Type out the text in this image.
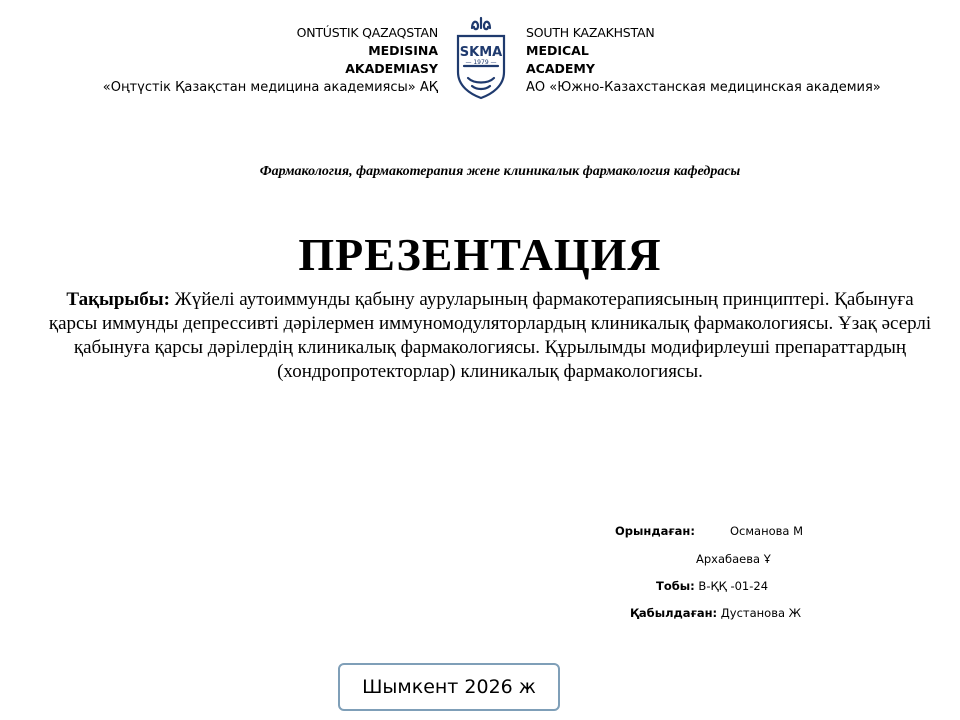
ONTÚSTIK QAZAQSTAN
MEDISINA
AKADEMIASY
«Оңтүстік Қазақстан медицина академиясы» АҚ
SKMA
— 1979 —
SOUTH KAZAKHSTAN
MEDICAL
ACADEMY
АО «Южно-Казахстанская медицинская академия»
Фармакология, фармакотерапия жене клиникалык фармакология кафедрасы
ПРЕЗЕНТАЦИЯ
Тақырыбы: Жүйелі аутоиммунды қабыну ауруларының фармакотерапиясының принциптері. Қабынуға қарсы иммунды депрессивті дәрілермен иммуномодуляторлардың клиникалық фармакологиясы. Ұзақ әсерлі қабынуға қарсы дәрілердің клиникалық фармакологиясы. Құрылымды модифирлеуші препараттардың (хондропротекторлар) клиникалық фармакологиясы.
Орындаған:	Османова М
Архабаева Ұ
Тобы: В-ҚҚ -01-24
Қабылдаған: Дустанова Ж
Шымкент 2026 ж
